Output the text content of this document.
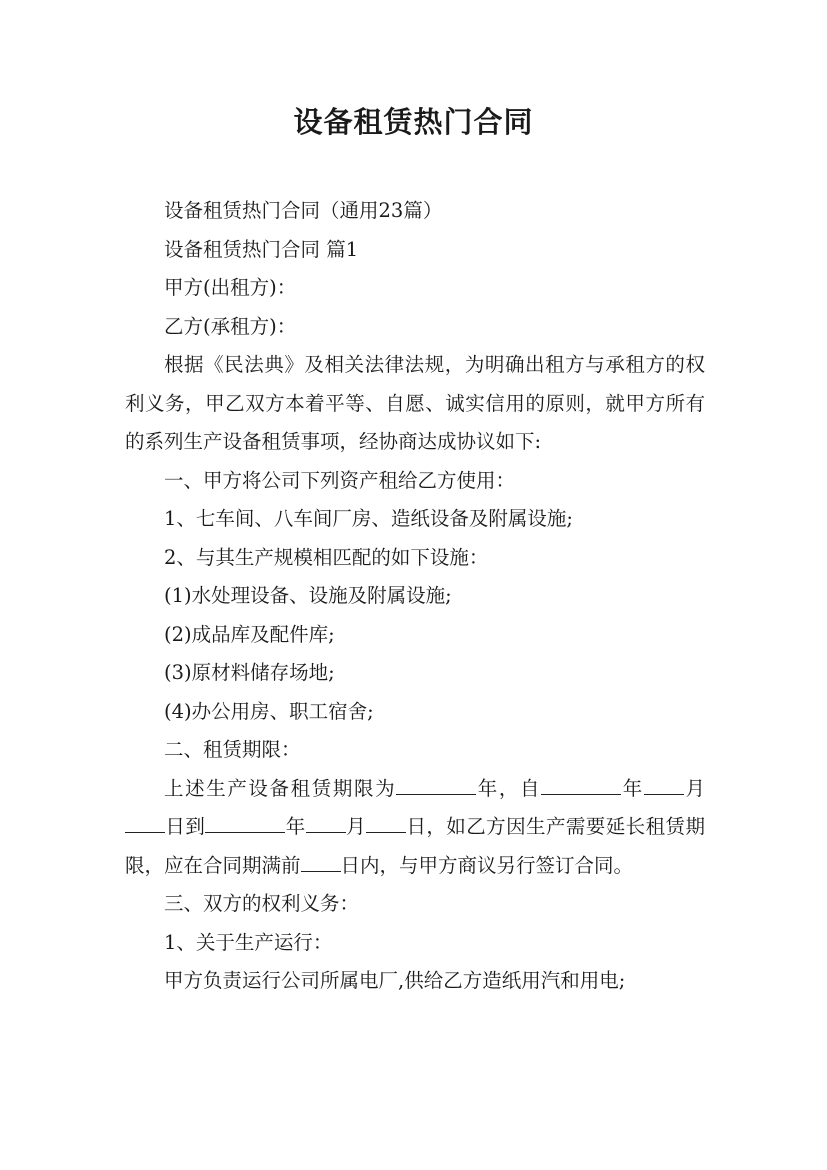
设备租赁热门合同

设备租赁热门合同（通用23篇）

设备租赁热门合同 篇1

甲方(出租方)：

乙方(承租方)：

根据《民法典》及相关法律法规，为明确出租方与承租方的权利义务，甲乙双方本着平等、自愿、诚实信用的原则，就甲方所有的系列生产设备租赁事项，经协商达成协议如下:

一、甲方将公司下列资产租给乙方使用：

1、七车间、八车间厂房、造纸设备及附属设施;

2、与其生产规模相匹配的如下设施：

(1)水处理设备、设施及附属设施;

(2)成品库及配件库;

(3)原材料储存场地;

(4)办公用房、职工宿舍;

二、租赁期限：

上述生产设备租赁期限为	年，自	年 月日到	年 月 日，如乙方因生产需要延长租赁期限，应在合同期满前 日内，与甲方商议另行签订合同。

三、双方的权利义务：

1、关于生产运行：

甲方负责运行公司所属电厂,供给乙方造纸用汽和用电;
